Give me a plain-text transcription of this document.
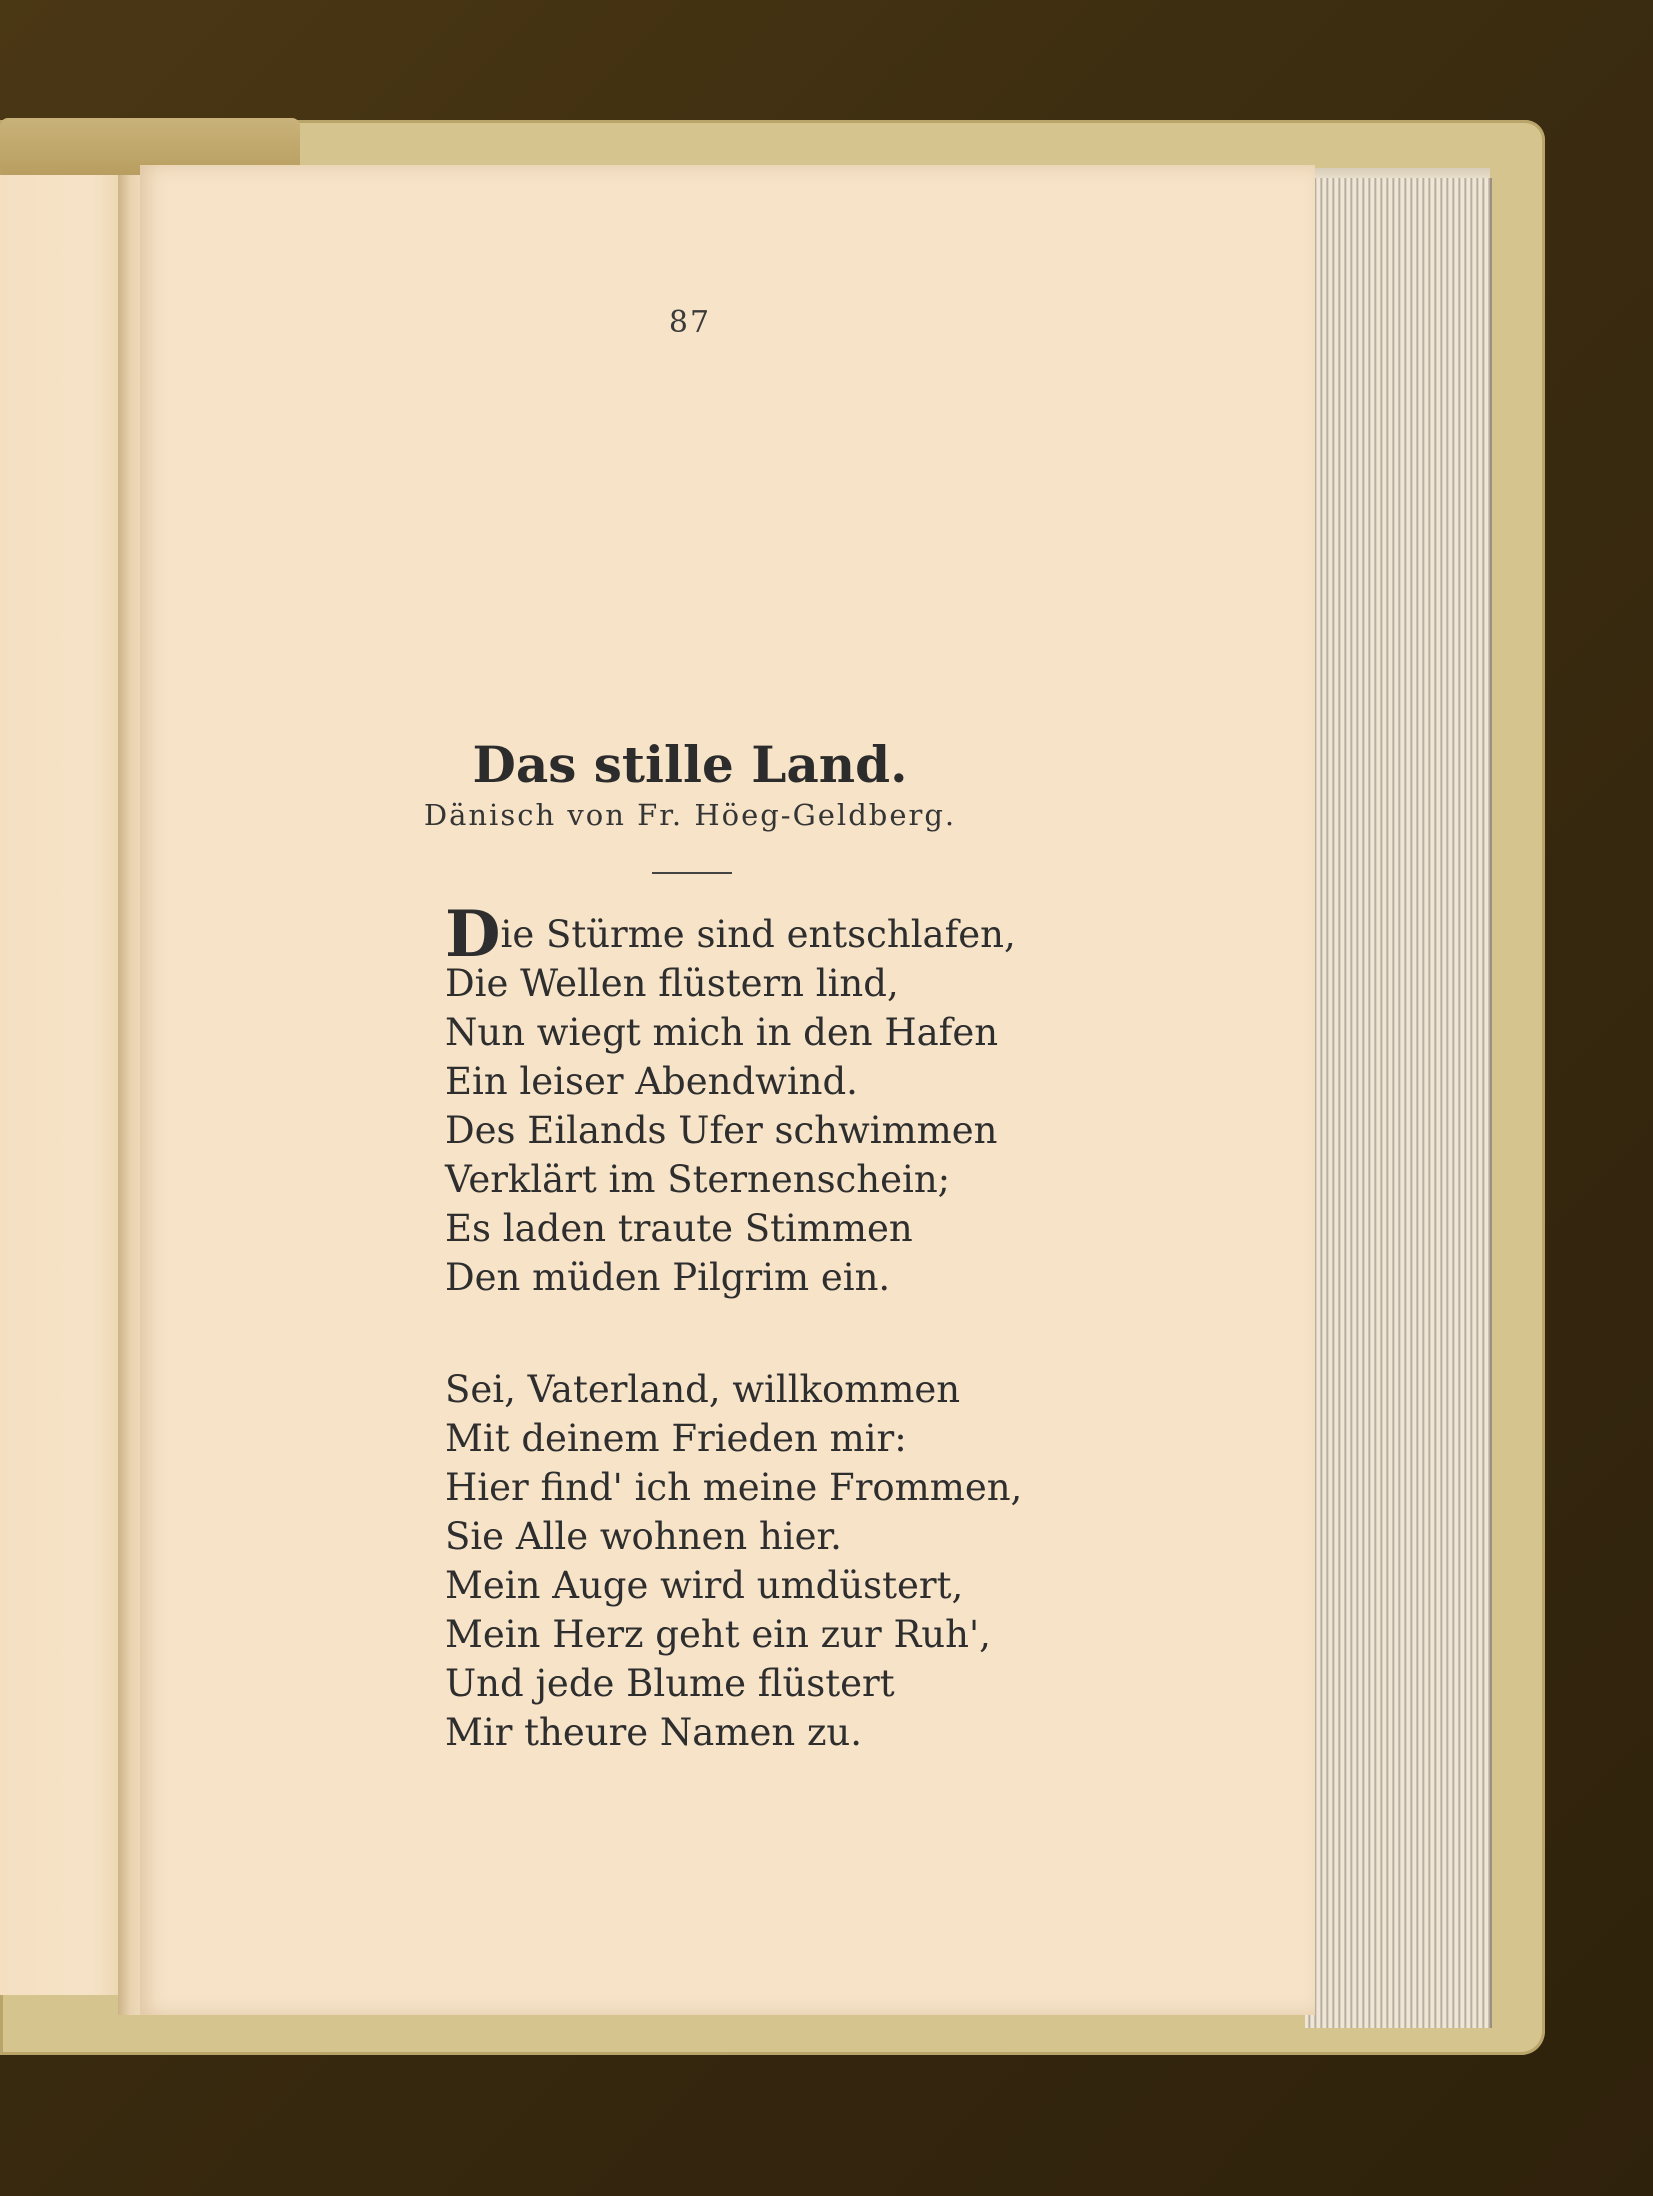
87
Das stille Land.
Dänisch von Fr. Höeg-Geldberg.
Die Stürme sind entschlafen,
Die Wellen flüstern lind,
Nun wiegt mich in den Hafen
Ein leiser Abendwind.
Des Eilands Ufer schwimmen
Verklärt im Sternenschein;
Es laden traute Stimmen
Den müden Pilgrim ein.
Sei, Vaterland, willkommen
Mit deinem Frieden mir:
Hier find' ich meine Frommen,
Sie Alle wohnen hier.
Mein Auge wird umdüstert,
Mein Herz geht ein zur Ruh',
Und jede Blume flüstert
Mir theure Namen zu.
